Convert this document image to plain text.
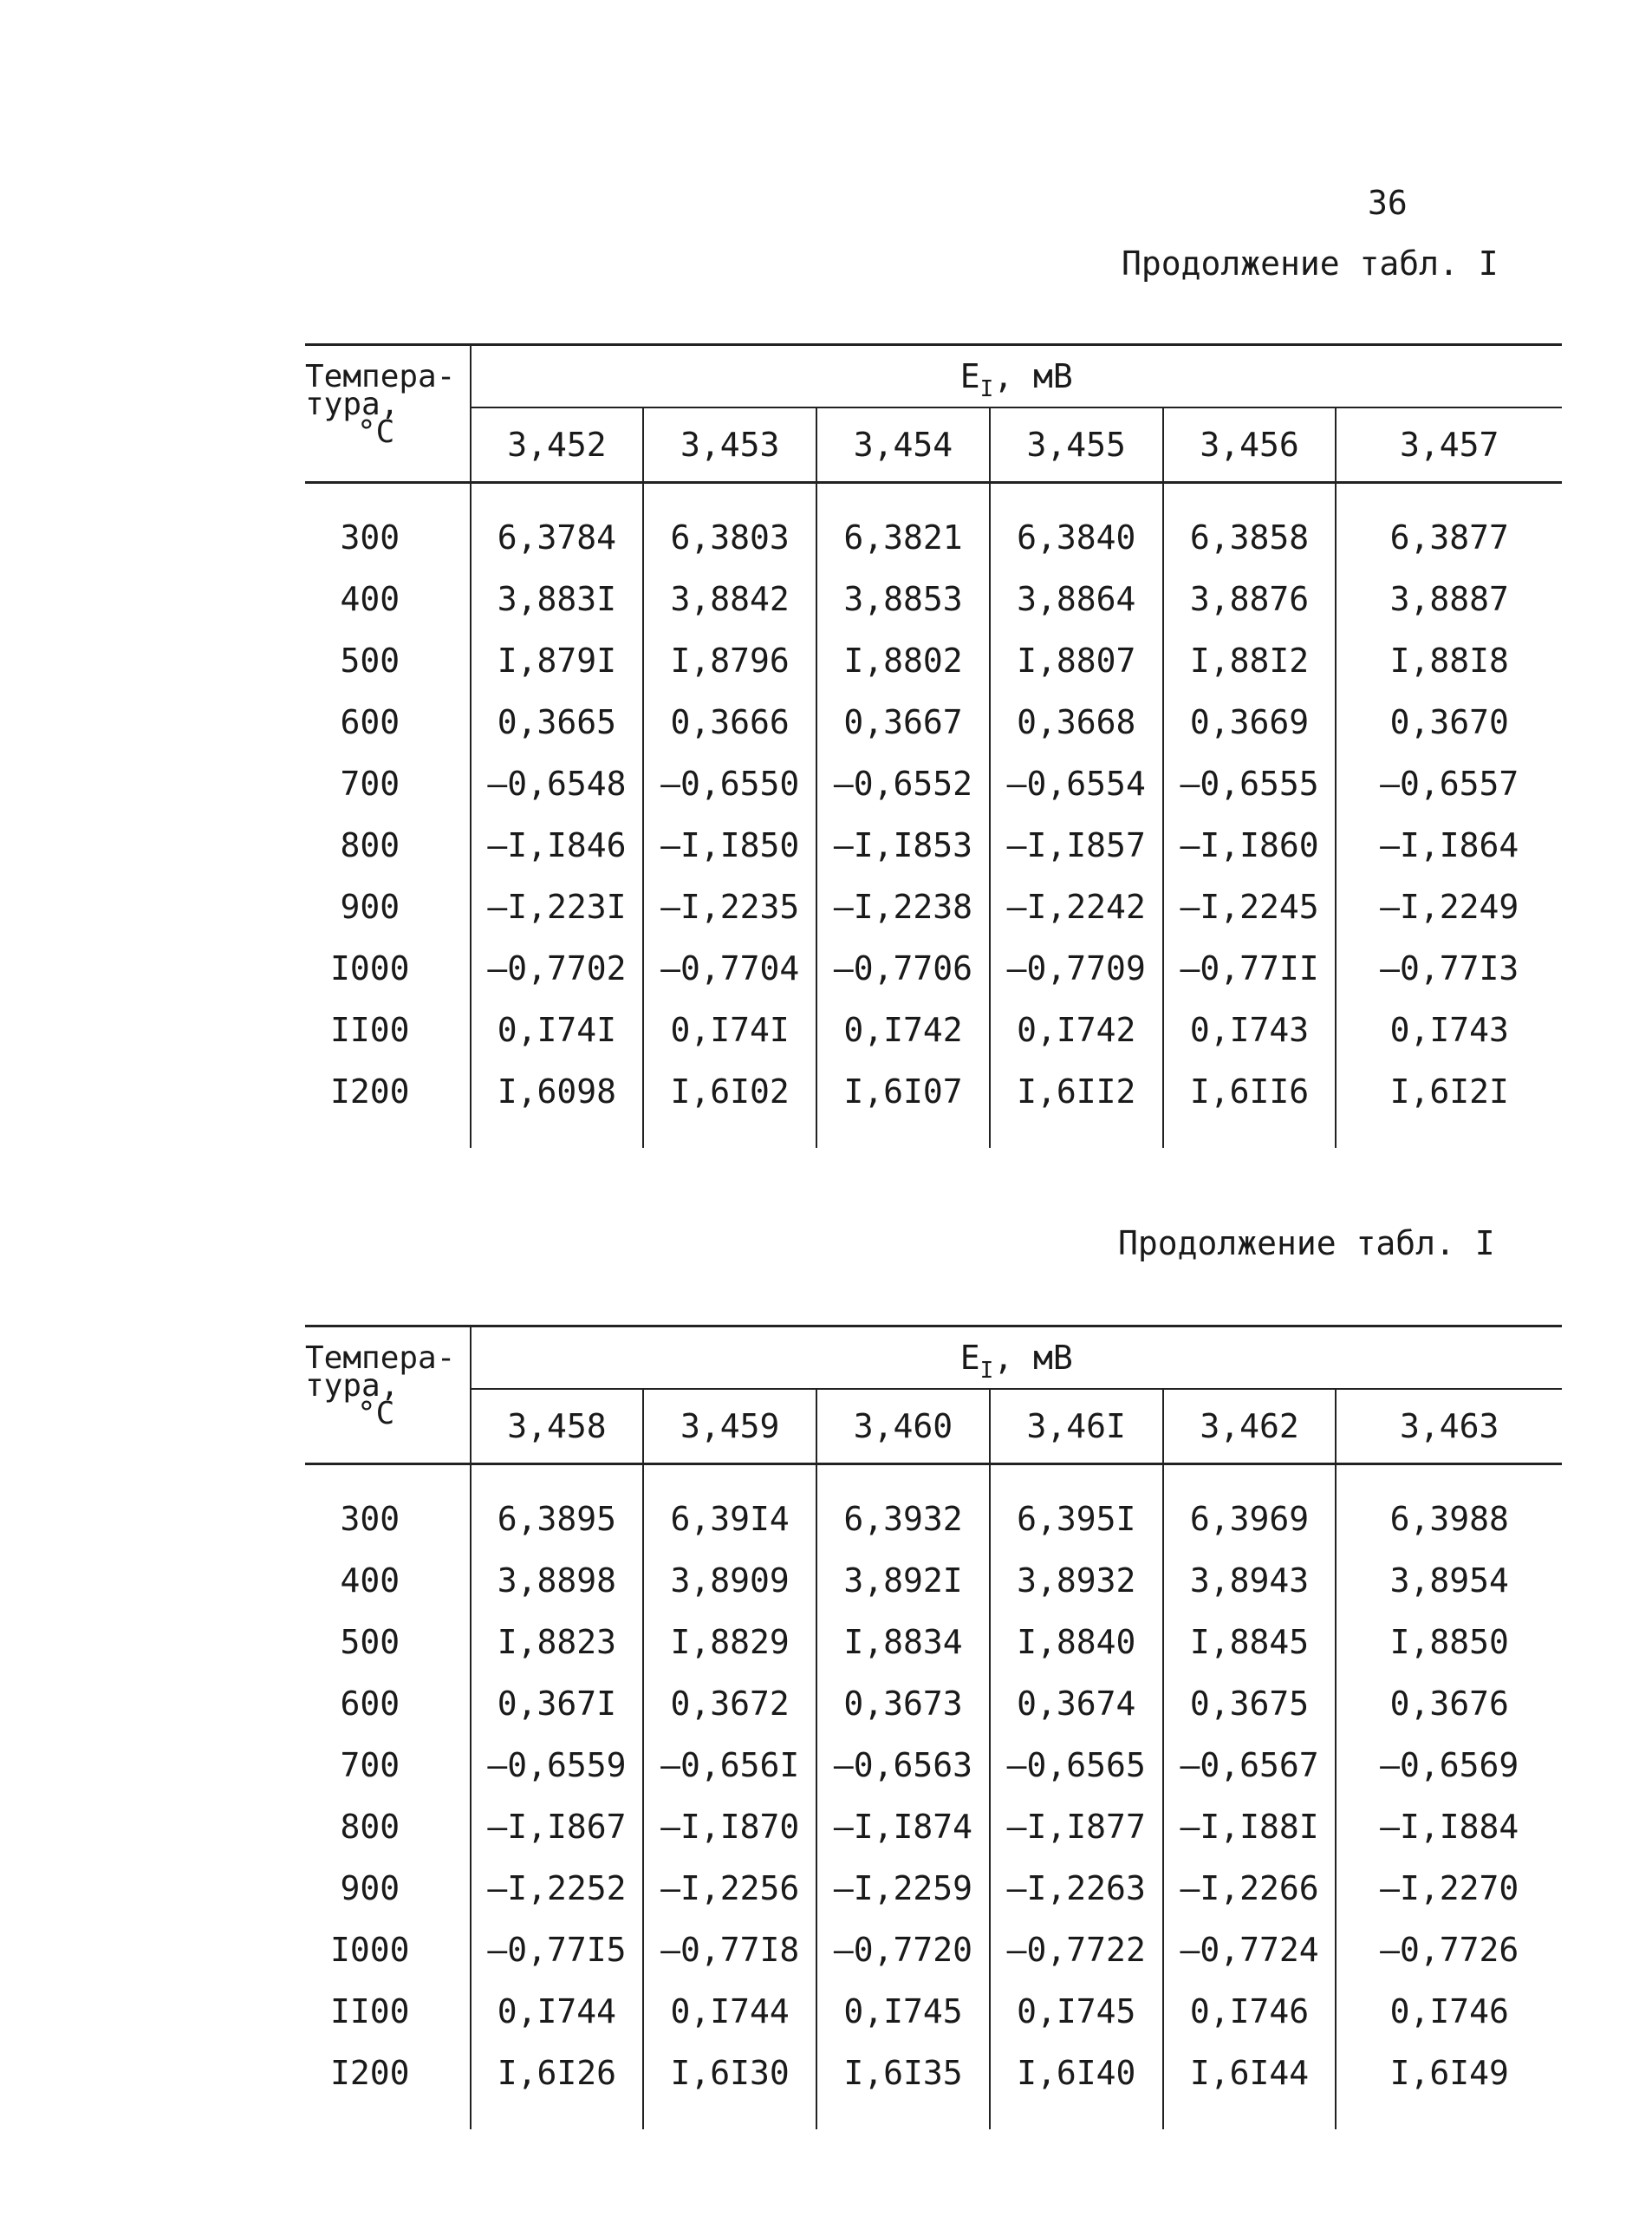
36
Продолжение табл. I
Темпера-
тура,
°C	$E_I$, мВ					
	3,452	3,453	3,454	3,455	3,456	3,457

300	6,3784	6,3803	6,3821	6,3840	6,3858	6,3877
400	3,883I	3,8842	3,8853	3,8864	3,8876	3,8887
500	I,879I	I,8796	I,8802	I,8807	I,88I2	I,88I8
600	0,3665	0,3666	0,3667	0,3668	0,3669	0,3670
700	–0,6548	–0,6550	–0,6552	–0,6554	–0,6555	–0,6557
800	–I,I846	–I,I850	–I,I853	–I,I857	–I,I860	–I,I864
900	–I,223I	–I,2235	–I,2238	–I,2242	–I,2245	–I,2249
I000	–0,7702	–0,7704	–0,7706	–0,7709	–0,77II	–0,77I3
II00	0,I74I	0,I74I	0,I742	0,I742	0,I743	0,I743
I200	I,6098	I,6I02	I,6I07	I,6II2	I,6II6	I,6I2I

Продолжение табл. I
Темпера-
тура,
°C	$E_I$, мВ					
	3,458	3,459	3,460	3,46I	3,462	3,463

300	6,3895	6,39I4	6,3932	6,395I	6,3969	6,3988
400	3,8898	3,8909	3,892I	3,8932	3,8943	3,8954
500	I,8823	I,8829	I,8834	I,8840	I,8845	I,8850
600	0,367I	0,3672	0,3673	0,3674	0,3675	0,3676
700	–0,6559	–0,656I	–0,6563	–0,6565	–0,6567	–0,6569
800	–I,I867	–I,I870	–I,I874	–I,I877	–I,I88I	–I,I884
900	–I,2252	–I,2256	–I,2259	–I,2263	–I,2266	–I,2270
I000	–0,77I5	–0,77I8	–0,7720	–0,7722	–0,7724	–0,7726
II00	0,I744	0,I744	0,I745	0,I745	0,I746	0,I746
I200	I,6I26	I,6I30	I,6I35	I,6I40	I,6I44	I,6I49
